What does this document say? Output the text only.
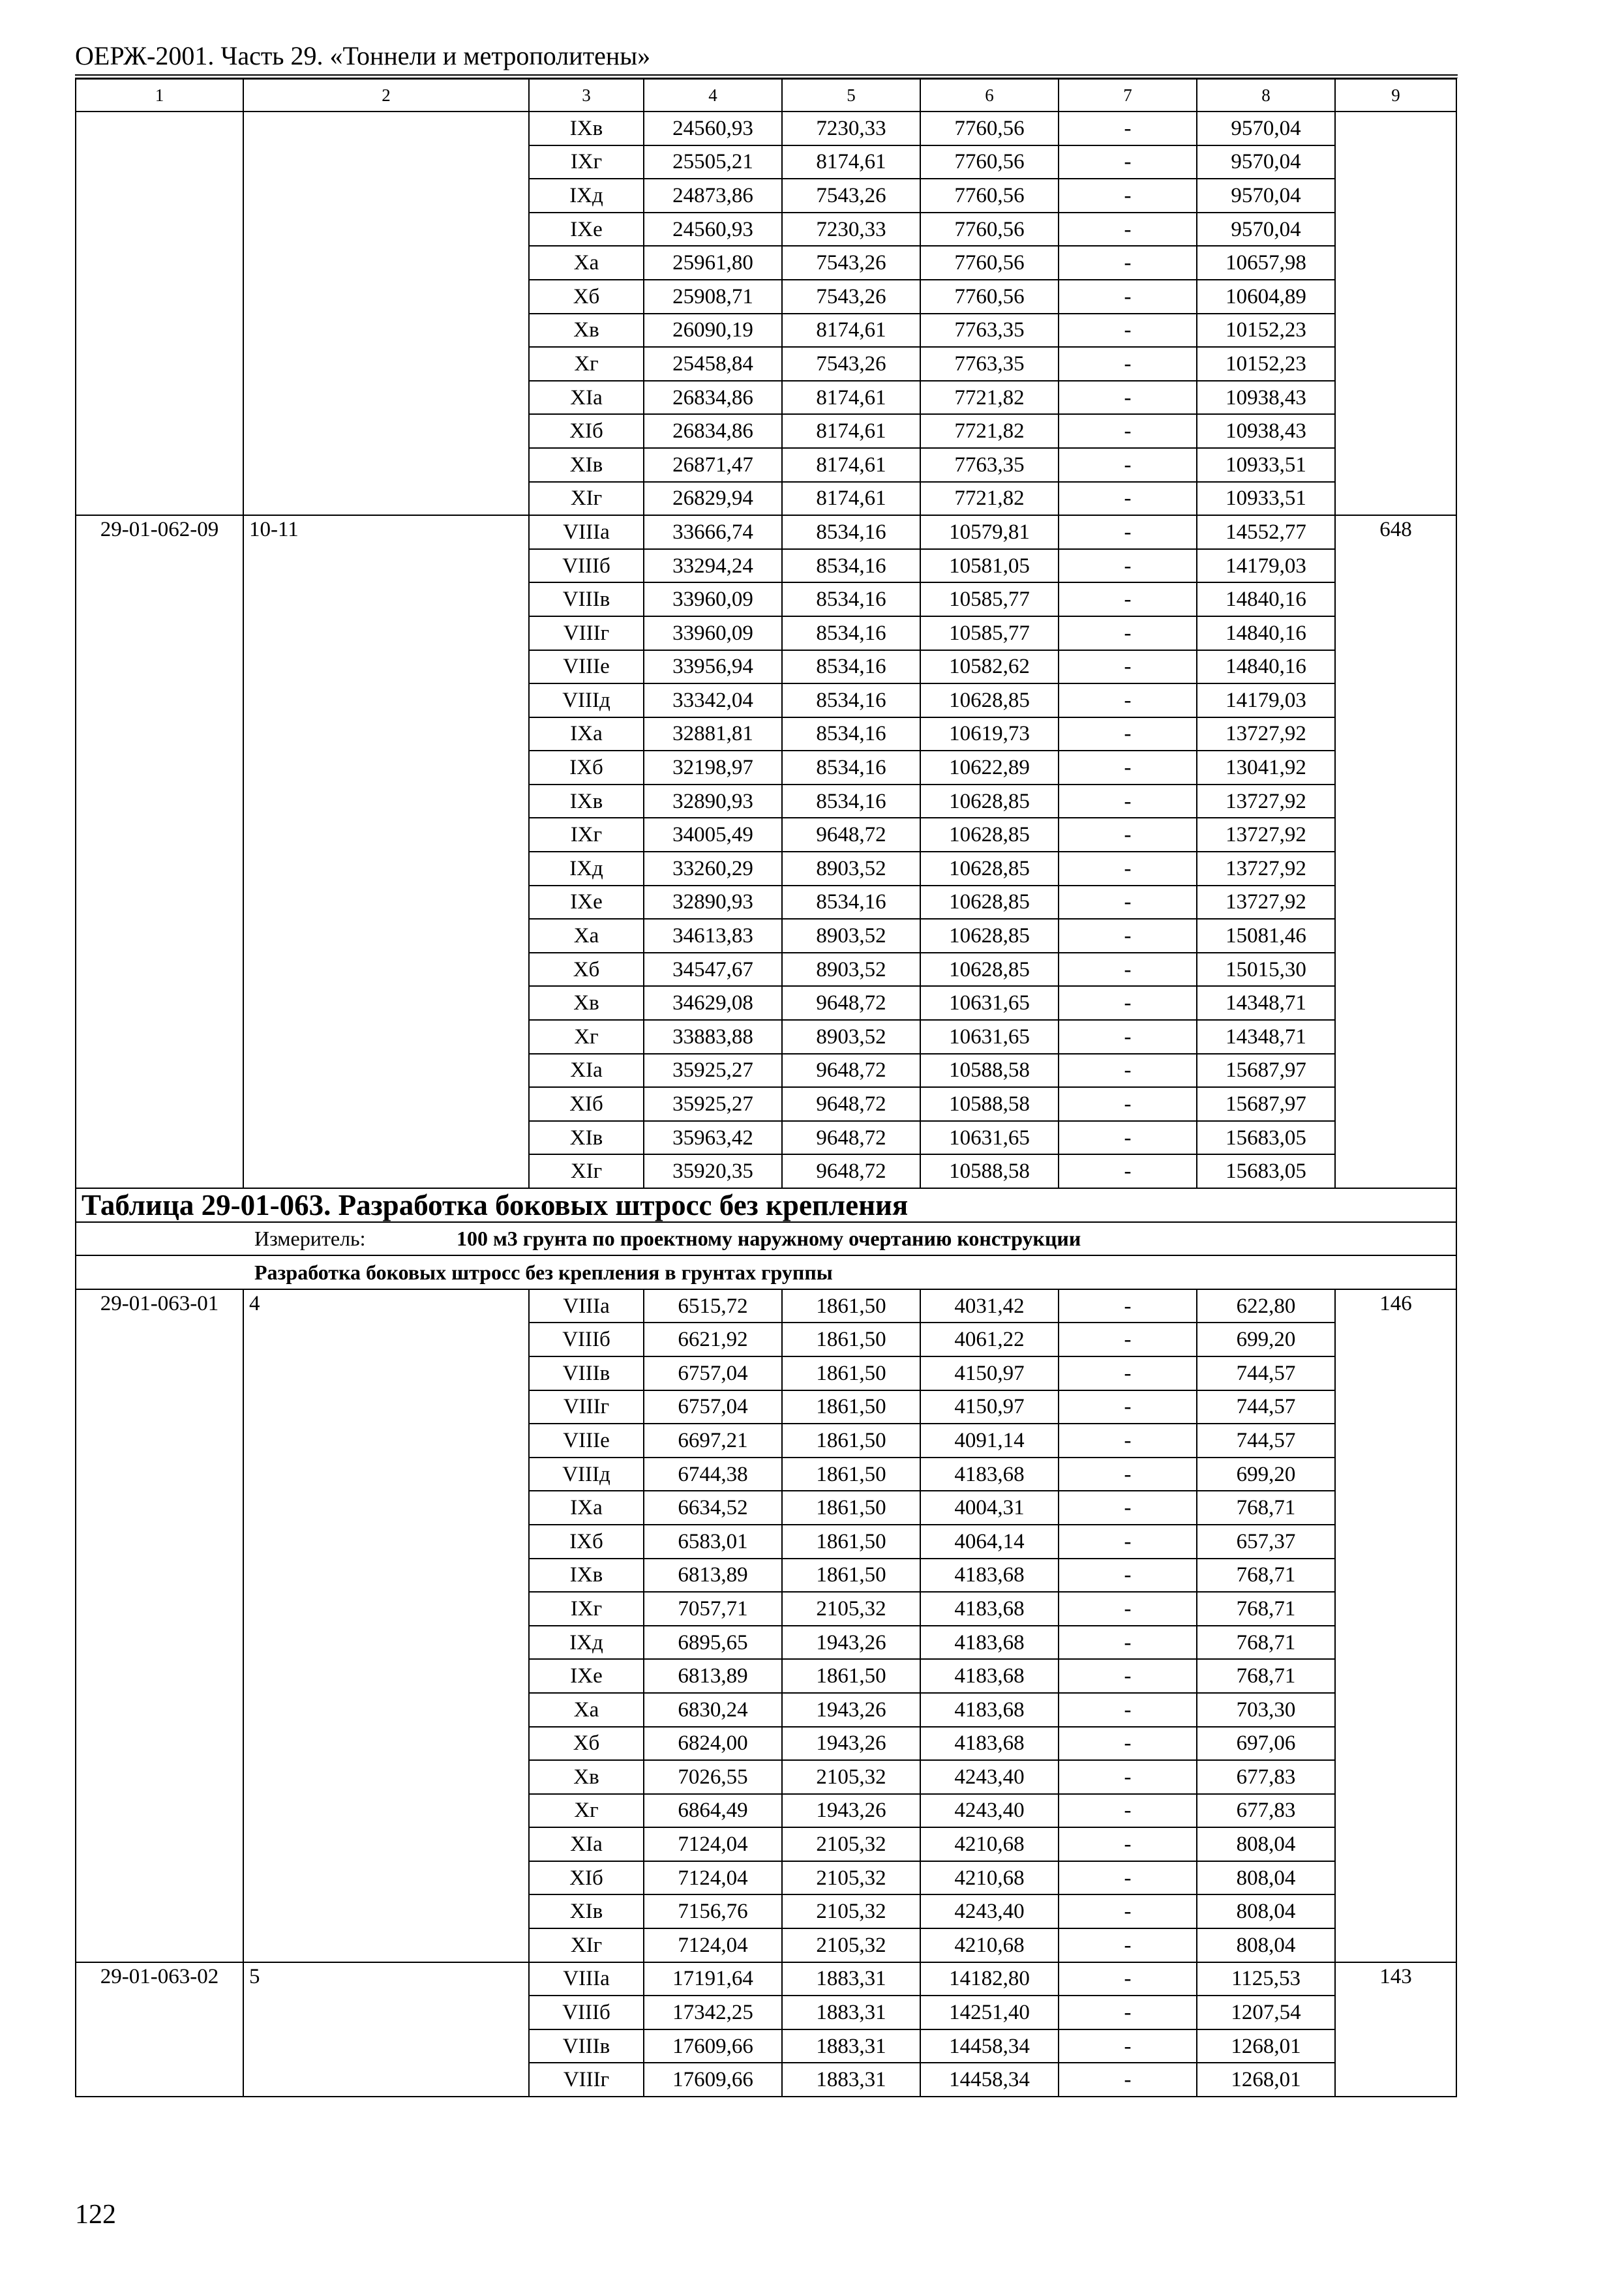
ОЕРЖ-2001. Часть 29. «Тоннели и метрополитены»
1	2	3	4	5	6	7	8	9
		IXв	24560,93	7230,33	7760,56	-	9570,04	
		IXг	25505,21	8174,61	7760,56	-	9570,04	
		IXд	24873,86	7543,26	7760,56	-	9570,04	
		IXе	24560,93	7230,33	7760,56	-	9570,04	
		Xа	25961,80	7543,26	7760,56	-	10657,98	
		Xб	25908,71	7543,26	7760,56	-	10604,89	
		Xв	26090,19	8174,61	7763,35	-	10152,23	
		Xг	25458,84	7543,26	7763,35	-	10152,23	
		XIа	26834,86	8174,61	7721,82	-	10938,43	
		XIб	26834,86	8174,61	7721,82	-	10938,43	
		XIв	26871,47	8174,61	7763,35	-	10933,51	
		XIг	26829,94	8174,61	7721,82	-	10933,51	
29-01-062-09	10-11	VIIIа	33666,74	8534,16	10579,81	-	14552,77	648
		VIIIб	33294,24	8534,16	10581,05	-	14179,03	
		VIIIв	33960,09	8534,16	10585,77	-	14840,16	
		VIIIг	33960,09	8534,16	10585,77	-	14840,16	
		VIIIе	33956,94	8534,16	10582,62	-	14840,16	
		VIIIд	33342,04	8534,16	10628,85	-	14179,03	
		IXа	32881,81	8534,16	10619,73	-	13727,92	
		IXб	32198,97	8534,16	10622,89	-	13041,92	
		IXв	32890,93	8534,16	10628,85	-	13727,92	
		IXг	34005,49	9648,72	10628,85	-	13727,92	
		IXд	33260,29	8903,52	10628,85	-	13727,92	
		IXе	32890,93	8534,16	10628,85	-	13727,92	
		Xа	34613,83	8903,52	10628,85	-	15081,46	
		Xб	34547,67	8903,52	10628,85	-	15015,30	
		Xв	34629,08	9648,72	10631,65	-	14348,71	
		Xг	33883,88	8903,52	10631,65	-	14348,71	
		XIа	35925,27	9648,72	10588,58	-	15687,97	
		XIб	35925,27	9648,72	10588,58	-	15687,97	
		XIв	35963,42	9648,72	10631,65	-	15683,05	
		XIг	35920,35	9648,72	10588,58	-	15683,05	
Таблица 29-01-063. Разработка боковых штросс без крепления								
Измеритель: 100 м3 грунта по проектному наружному очертанию конструкции								
Разработка боковых штросс без крепления в грунтах группы								
29-01-063-01	4	VIIIа	6515,72	1861,50	4031,42	-	622,80	146
		VIIIб	6621,92	1861,50	4061,22	-	699,20	
		VIIIв	6757,04	1861,50	4150,97	-	744,57	
		VIIIг	6757,04	1861,50	4150,97	-	744,57	
		VIIIе	6697,21	1861,50	4091,14	-	744,57	
		VIIIд	6744,38	1861,50	4183,68	-	699,20	
		IXа	6634,52	1861,50	4004,31	-	768,71	
		IXб	6583,01	1861,50	4064,14	-	657,37	
		IXв	6813,89	1861,50	4183,68	-	768,71	
		IXг	7057,71	2105,32	4183,68	-	768,71	
		IXд	6895,65	1943,26	4183,68	-	768,71	
		IXе	6813,89	1861,50	4183,68	-	768,71	
		Xа	6830,24	1943,26	4183,68	-	703,30	
		Xб	6824,00	1943,26	4183,68	-	697,06	
		Xв	7026,55	2105,32	4243,40	-	677,83	
		Xг	6864,49	1943,26	4243,40	-	677,83	
		XIа	7124,04	2105,32	4210,68	-	808,04	
		XIб	7124,04	2105,32	4210,68	-	808,04	
		XIв	7156,76	2105,32	4243,40	-	808,04	
		XIг	7124,04	2105,32	4210,68	-	808,04	
29-01-063-02	5	VIIIа	17191,64	1883,31	14182,80	-	1125,53	143
		VIIIб	17342,25	1883,31	14251,40	-	1207,54	
		VIIIв	17609,66	1883,31	14458,34	-	1268,01	
		VIIIг	17609,66	1883,31	14458,34	-	1268,01	
122
